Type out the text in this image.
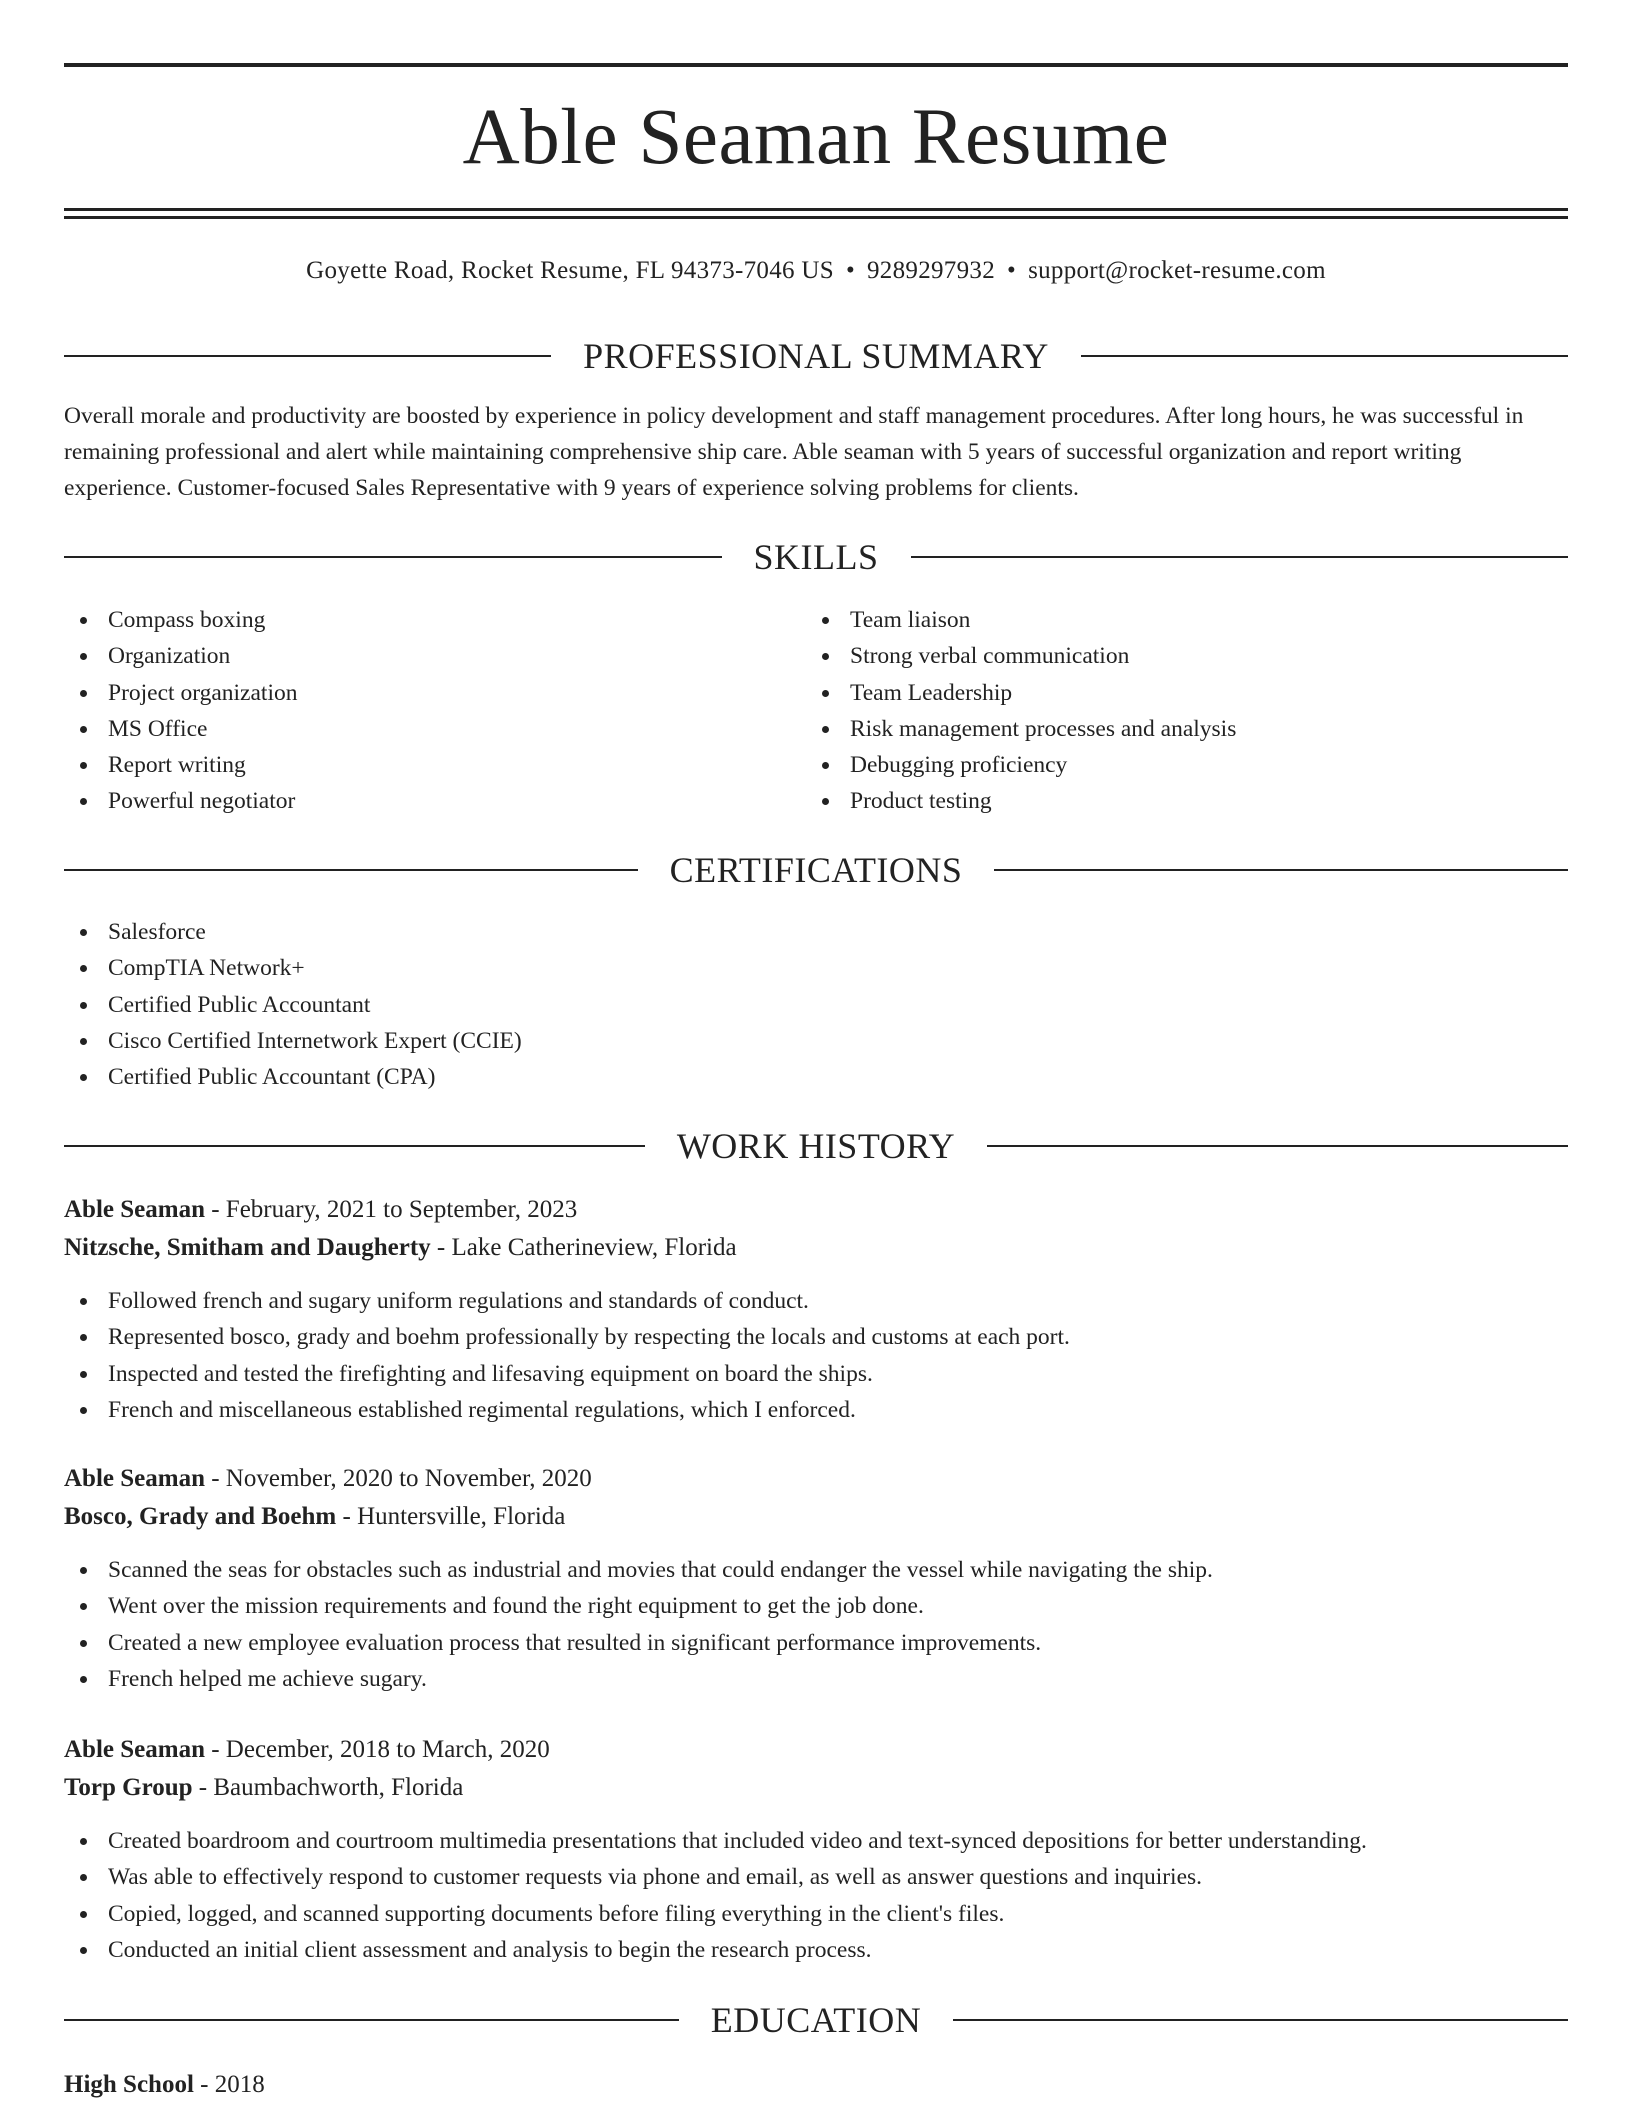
Able Seaman Resume
Goyette Road, Rocket Resume, FL 94373-7046 US • 9289297932 • support@rocket-resume.com
PROFESSIONAL SUMMARY

Overall morale and productivity are boosted by experience in policy development and staff management procedures. After long hours, he was successful in remaining professional and alert while maintaining comprehensive ship care. Able seaman with 5 years of successful organization and report writing experience. Customer-focused Sales Representative with 9 years of experience solving problems for clients.

SKILLS
Compass boxing
Organization
Project organization
MS Office
Report writing
Powerful negotiator
Team liaison
Strong verbal communication
Team Leadership
Risk management processes and analysis
Debugging proficiency
Product testing
CERTIFICATIONS
Salesforce
CompTIA Network+
Certified Public Accountant
Cisco Certified Internetwork Expert (CCIE)
Certified Public Accountant (CPA)
WORK HISTORY
Able Seaman - February, 2021 to September, 2023
Nitzsche, Smitham and Daugherty - Lake Catherineview, Florida
Followed french and sugary uniform regulations and standards of conduct.
Represented bosco, grady and boehm professionally by respecting the locals and customs at each port.
Inspected and tested the firefighting and lifesaving equipment on board the ships.
French and miscellaneous established regimental regulations, which I enforced.
Able Seaman - November, 2020 to November, 2020
Bosco, Grady and Boehm - Huntersville, Florida
Scanned the seas for obstacles such as industrial and movies that could endanger the vessel while navigating the ship.
Went over the mission requirements and found the right equipment to get the job done.
Created a new employee evaluation process that resulted in significant performance improvements.
French helped me achieve sugary.
Able Seaman - December, 2018 to March, 2020
Torp Group - Baumbachworth, Florida
Created boardroom and courtroom multimedia presentations that included video and text-synced depositions for better understanding.
Was able to effectively respond to customer requests via phone and email, as well as answer questions and inquiries.
Copied, logged, and scanned supporting documents before filing everything in the client's files.
Conducted an initial client assessment and analysis to begin the research process.
EDUCATION
High School - 2018
